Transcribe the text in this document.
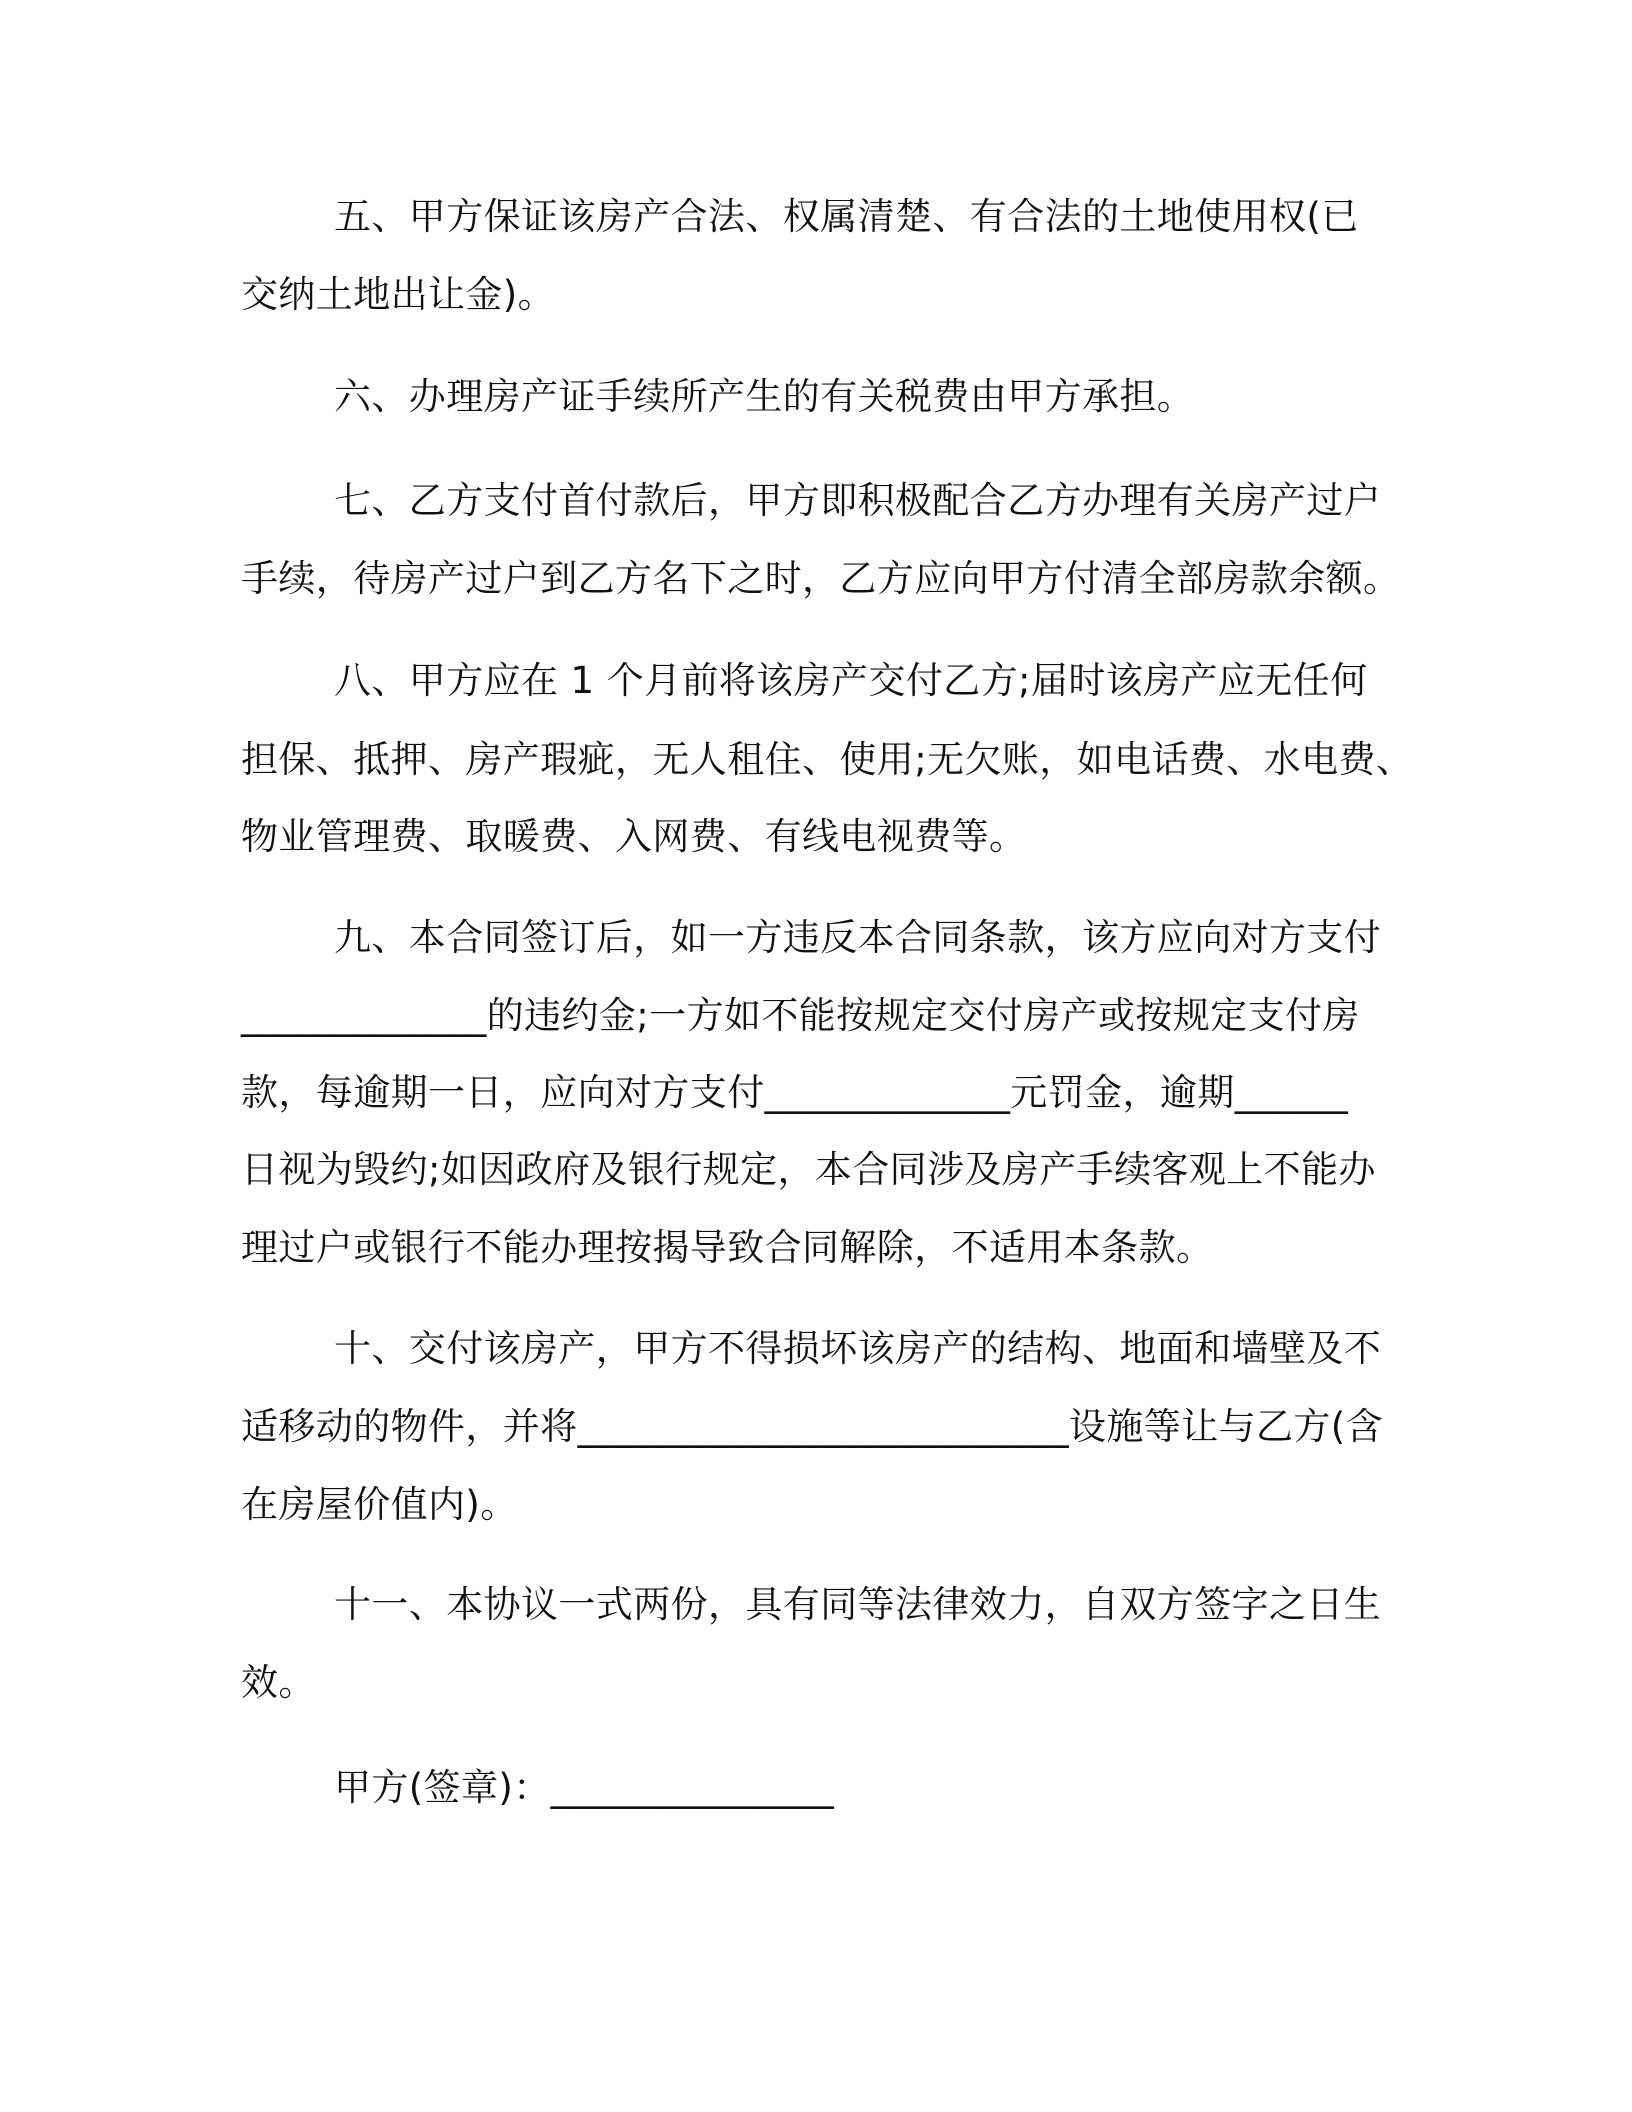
五、甲方保证该房产合法、权属清楚、有合法的土地使用权(已
交纳土地出让金)。
六、办理房产证手续所产生的有关税费由甲方承担。
七、乙方支付首付款后，甲方即积极配合乙方办理有关房产过户
手续，待房产过户到乙方名下之时，乙方应向甲方付清全部房款余额。
八、甲方应在 1 个月前将该房产交付乙方;届时该房产应无任何
担保、抵押、房产瑕疵，无人租住、使用;无欠账，如电话费、水电费、
物业管理费、取暖费、入网费、有线电视费等。
九、本合同签订后，如一方违反本合同条款，该方应向对方支付
_____________的违约金;一方如不能按规定交付房产或按规定支付房
款，每逾期一日，应向对方支付_____________元罚金，逾期______
日视为毁约;如因政府及银行规定，本合同涉及房产手续客观上不能办
理过户或银行不能办理按揭导致合同解除，不适用本条款。
十、交付该房产，甲方不得损坏该房产的结构、地面和墙壁及不
适移动的物件，并将__________________________设施等让与乙方(含
在房屋价值内)。
十一、本协议一式两份，具有同等法律效力，自双方签字之日生
效。
甲方(签章)：_______________
